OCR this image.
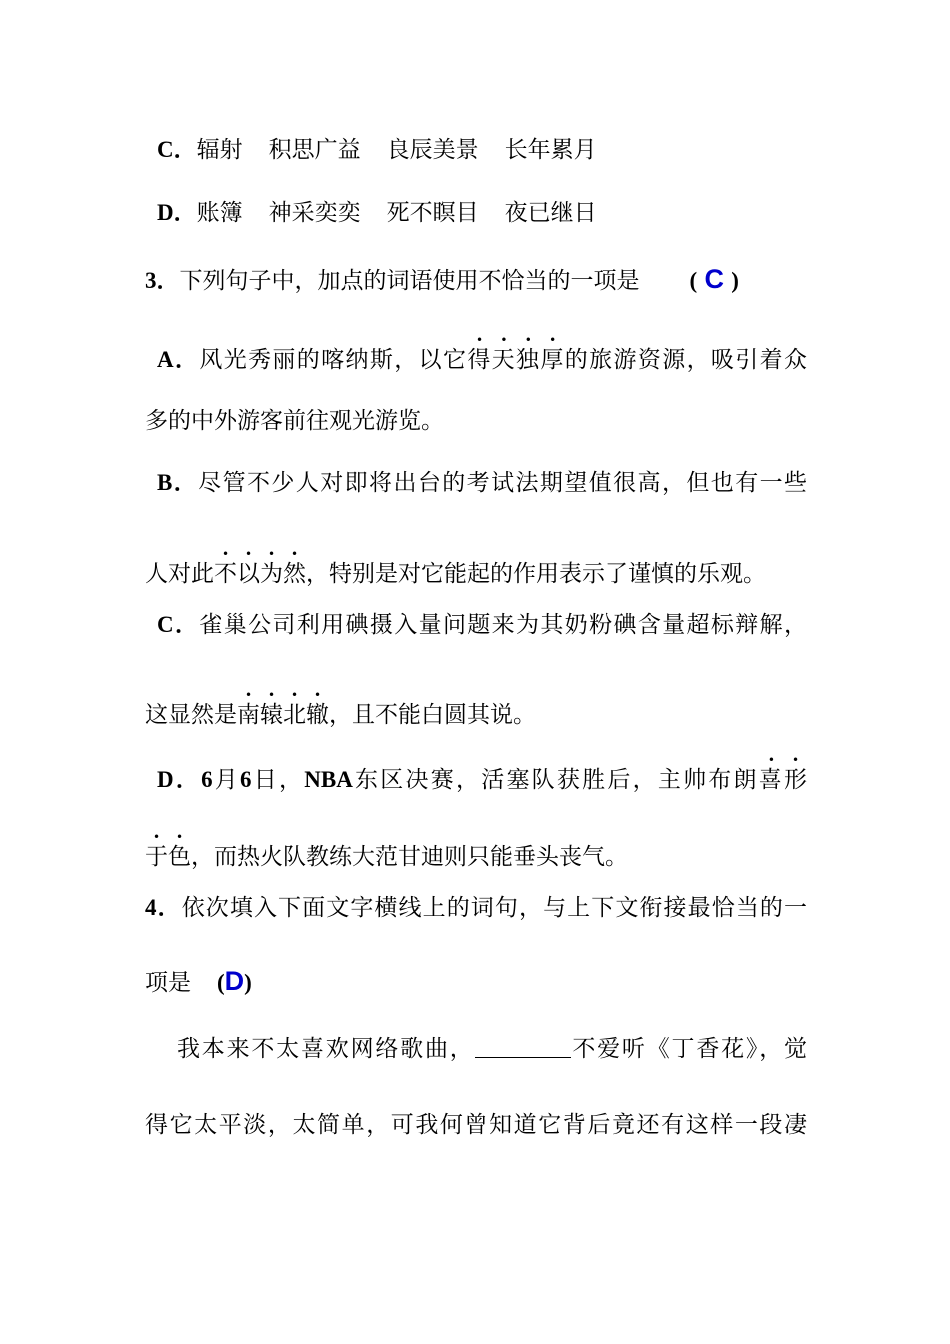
C．辐射 积思广益 良辰美景 长年累月
D．账簿 神采奕奕 死不瞑目 夜已继日
3．下列句子中，加点的词语使用不恰当的一项是 ( C )
A．风光秀丽的喀纳斯，以它得天独厚的旅游资源，吸引着众
多的中外游客前往观光游览。
B．尽管不少人对即将出台的考试法期望值很高，但也有一些
人对此不以为然，特别是对它能起的作用表示了谨慎的乐观。
C．雀巢公司利用碘摄入量问题来为其奶粉碘含量超标辩解，
这显然是南辕北辙，且不能白圆其说。
D．6月6日，NBA东区决赛，活塞队获胜后，主帅布朗喜形
于色，而热火队教练大范甘迪则只能垂头丧气。
4．依次填入下面文字横线上的词句，与上下文衔接最恰当的一
项是 (D)
我本来不太喜欢网络歌曲，	不爱听《丁香花》，觉
得它太平淡，太简单，可我何曾知道它背后竟还有这样一段凄
